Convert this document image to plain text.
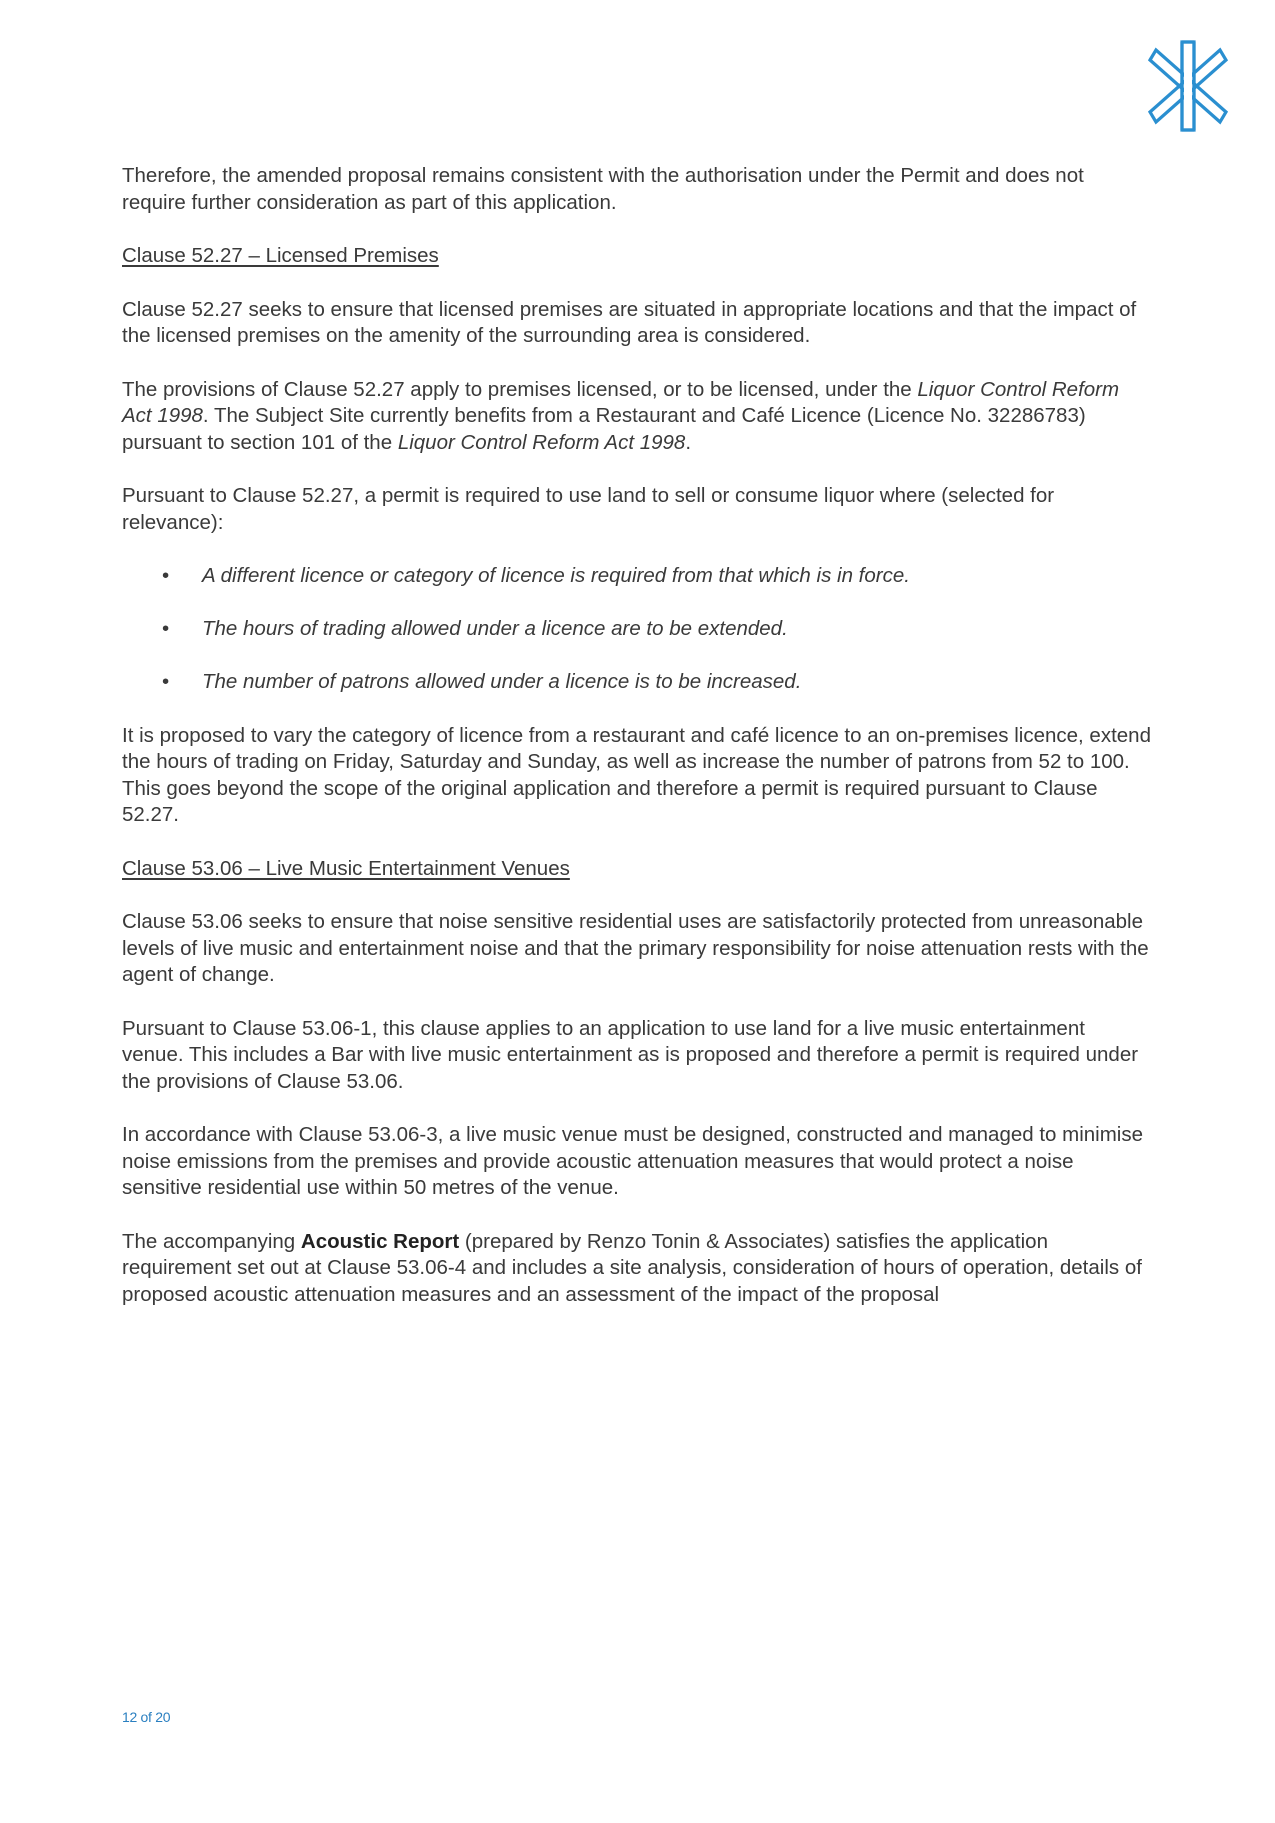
Therefore, the amended proposal remains consistent with the authorisation under the Permit and does not require further consideration as part of this application.

Clause 52.27 – Licensed Premises

Clause 52.27 seeks to ensure that licensed premises are situated in appropriate locations and that the impact of the licensed premises on the amenity of the surrounding area is considered.

The provisions of Clause 52.27 apply to premises licensed, or to be licensed, under the Liquor Control Reform Act 1998. The Subject Site currently benefits from a Restaurant and Café Licence (Licence No. 32286783) pursuant to section 101 of the Liquor Control Reform Act 1998.

Pursuant to Clause 52.27, a permit is required to use land to sell or consume liquor where (selected for relevance):

• A different licence or category of licence is required from that which is in force.
• The hours of trading allowed under a licence are to be extended.
• The number of patrons allowed under a licence is to be increased.

It is proposed to vary the category of licence from a restaurant and café licence to an on-premises licence, extend the hours of trading on Friday, Saturday and Sunday, as well as increase the number of patrons from 52 to 100. This goes beyond the scope of the original application and therefore a permit is required pursuant to Clause 52.27.

Clause 53.06 – Live Music Entertainment Venues

Clause 53.06 seeks to ensure that noise sensitive residential uses are satisfactorily protected from unreasonable levels of live music and entertainment noise and that the primary responsibility for noise attenuation rests with the agent of change.

Pursuant to Clause 53.06-1, this clause applies to an application to use land for a live music entertainment venue. This includes a Bar with live music entertainment as is proposed and therefore a permit is required under the provisions of Clause 53.06.

In accordance with Clause 53.06-3, a live music venue must be designed, constructed and managed to minimise noise emissions from the premises and provide acoustic attenuation measures that would protect a noise sensitive residential use within 50 metres of the venue.

The accompanying Acoustic Report (prepared by Renzo Tonin & Associates) satisfies the application requirement set out at Clause 53.06-4 and includes a site analysis, consideration of hours of operation, details of proposed acoustic attenuation measures and an assessment of the impact of the proposal

12 of 20
